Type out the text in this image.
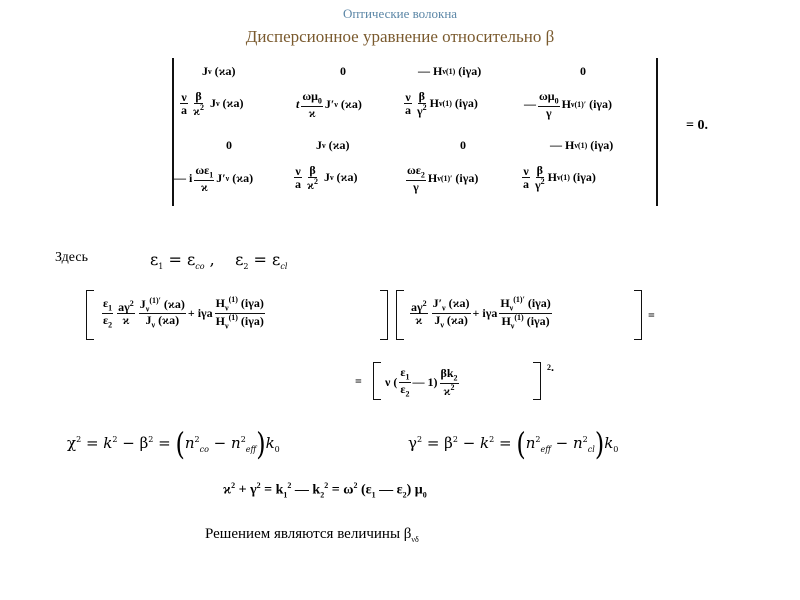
Оптические волокна
Дисперсионное уравнение относительно β
J ν (ϰa)	0	— H ν (1) (iγa)	0
$\frac{\nu}{a} \frac{\beta}{ϰ^2}$ J ν (ϰa)	t $\frac{\omega\mu_0}{ϰ} J'$ ν (ϰa)	$\frac{\nu}{a} \frac{\beta}{\gamma^2}$ H ν (1) (iγa)	— $\frac{\omega\mu_0}{\gamma}$ H ν (1)′ (iγa)
0	J ν (ϰa)	0	— H ν (1) (iγa)
— i $\frac{\omega\varepsilon_1}{ϰ} J'$ ν (ϰa)	$\frac{\nu}{a} \frac{\beta}{ϰ^2}$ J ν (ϰa)	$\frac{\omega\varepsilon_2}{\gamma}$ H ν (1)′ (iγa)	$\frac{\nu}{a} \frac{\beta}{\gamma^2}$ H ν (1) (iγa)
= 0.
Здесь	$\varepsilon_1 = \varepsilon_{co}$ ,    $\varepsilon_2 = \varepsilon_{cl}$
$\frac{\varepsilon_1}{\varepsilon_2} \frac{a\gamma^2}{ϰ} \frac{J_\nu^{(1)'} (ϰa)}{J_\nu (ϰa)} + i\gamma a \frac{H_\nu^{(1)} (i\gamma a)}{H_\nu^{(1)} (i\gamma a)}$	$\frac{a\gamma^2}{ϰ} \frac{J'_\nu (ϰa)}{J_\nu (ϰa)} + i\gamma a \frac{H_\nu^{(1)'} (i\gamma a)}{H_\nu^{(1)} (i\gamma a)}$	=
= ν ( $\frac{\varepsilon_1}{\varepsilon_2}$ — $1) \frac{\beta k_2}{ϰ^2}$	2 .
$\chi^2 = k^2 - \beta^2 = (n^2_{co} - n^2_{eff})k_0$	$\gamma^2 = \beta^2 - k^2 = (n^2_{eff} - n^2_{cl})k_0$
$ϰ^2 + \gamma^2 = k_1^2$ — $k_2^2 = \omega^2$ ($\varepsilon_1$ — $\varepsilon_2$) $\mu_0$
Решением являются величины $\beta_{\nu\delta}$
